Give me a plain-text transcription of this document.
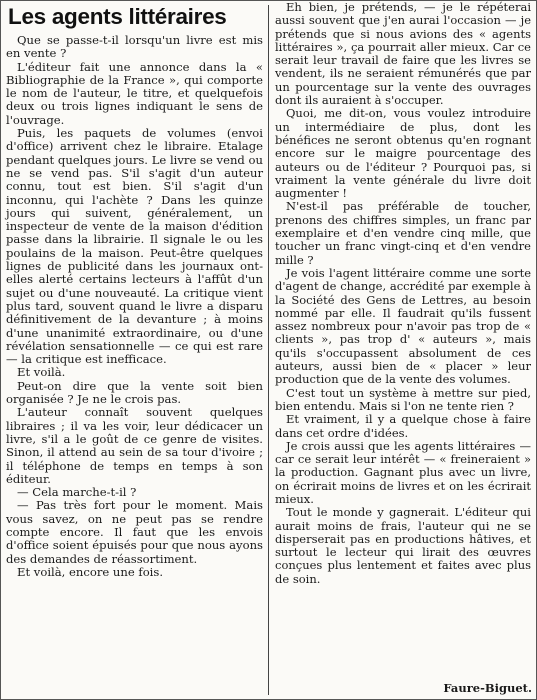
Les agents littéraires

Que se passe-t-il lorsqu'un livre est mis en vente ?

L'éditeur fait une annonce dans la « Bibliographie de la France », qui comporte le nom de l'auteur, le titre, et quelquefois deux ou trois lignes indiquant le sens de l'ouvrage.

Puis, les paquets de volumes (envoi d'office) arrivent chez le libraire. Etalage pendant quelques jours. Le livre se vend ou ne se vend pas. S'il s'agit d'un auteur connu, tout est bien. S'il s'agit d'un inconnu, qui l'achète ? Dans les quinze jours qui suivent, généralement, un inspecteur de vente de la maison d'édition passe dans la librairie. Il signale le ou les poulains de la maison. Peut-être quelques lignes de publicité dans les journaux ont-elles alerté certains lecteurs à l'affût d'un sujet ou d'une nouveauté. La critique vient plus tard, souvent quand le livre a disparu définitivement de la devanture ; à moins d'une unanimité extraordinaire, ou d'une révélation sensationnelle — ce qui est rare — la critique est inefficace.

Et voilà.

Peut-on dire que la vente soit bien organisée ? Je ne le crois pas.

L'auteur connaît souvent quelques libraires ; il va les voir, leur dédicacer un livre, s'il a le goût de ce genre de visites. Sinon, il attend au sein de sa tour d'ivoire ; il téléphone de temps en temps à son éditeur.

— Cela marche-t-il ?

— Pas très fort pour le moment. Mais vous savez, on ne peut pas se rendre compte encore. Il faut que les envois d'office soient épuisés pour que nous ayons des demandes de réassortiment.

Et voilà, encore une fois.

Eh bien, je prétends, — je le répéterai aussi souvent que j'en aurai l'occasion — je prétends que si nous avions des « agents littéraires », ça pourrait aller mieux. Car ce serait leur travail de faire que les livres se vendent, ils ne seraient rémunérés que par un pourcentage sur la vente des ouvrages dont ils auraient à s'occuper.

Quoi, me dit-on, vous voulez introduire un intermédiaire de plus, dont les bénéfices ne seront obtenus qu'en rognant encore sur le maigre pourcentage des auteurs ou de l'éditeur ? Pourquoi pas, si vraiment la vente générale du livre doit augmenter !

N'est-il pas préférable de toucher, prenons des chiffres simples, un franc par exemplaire et d'en vendre cinq mille, que toucher un franc vingt-cinq et d'en vendre mille ?

Je vois l'agent littéraire comme une sorte d'agent de change, accrédité par exemple à la Société des Gens de Lettres, au besoin nommé par elle. Il faudrait qu'ils fussent assez nombreux pour n'avoir pas trop de « clients », pas trop d' « auteurs », mais qu'ils s'occupassent absolument de ces auteurs, aussi bien de « placer » leur production que de la vente des volumes.

C'est tout un système à mettre sur pied, bien entendu. Mais si l'on ne tente rien ?

Et vraiment, il y a quelque chose à faire dans cet ordre d'idées.

Je crois aussi que les agents littéraires — car ce serait leur intérêt — « freineraient » la production. Gagnant plus avec un livre, on écrirait moins de livres et on les écrirait mieux.

Tout le monde y gagnerait. L'éditeur qui aurait moins de frais, l'auteur qui ne se disperserait pas en productions hâtives, et surtout le lecteur qui lirait des œuvres conçues plus lentement et faites avec plus de soin.

Faure-Biguet.
